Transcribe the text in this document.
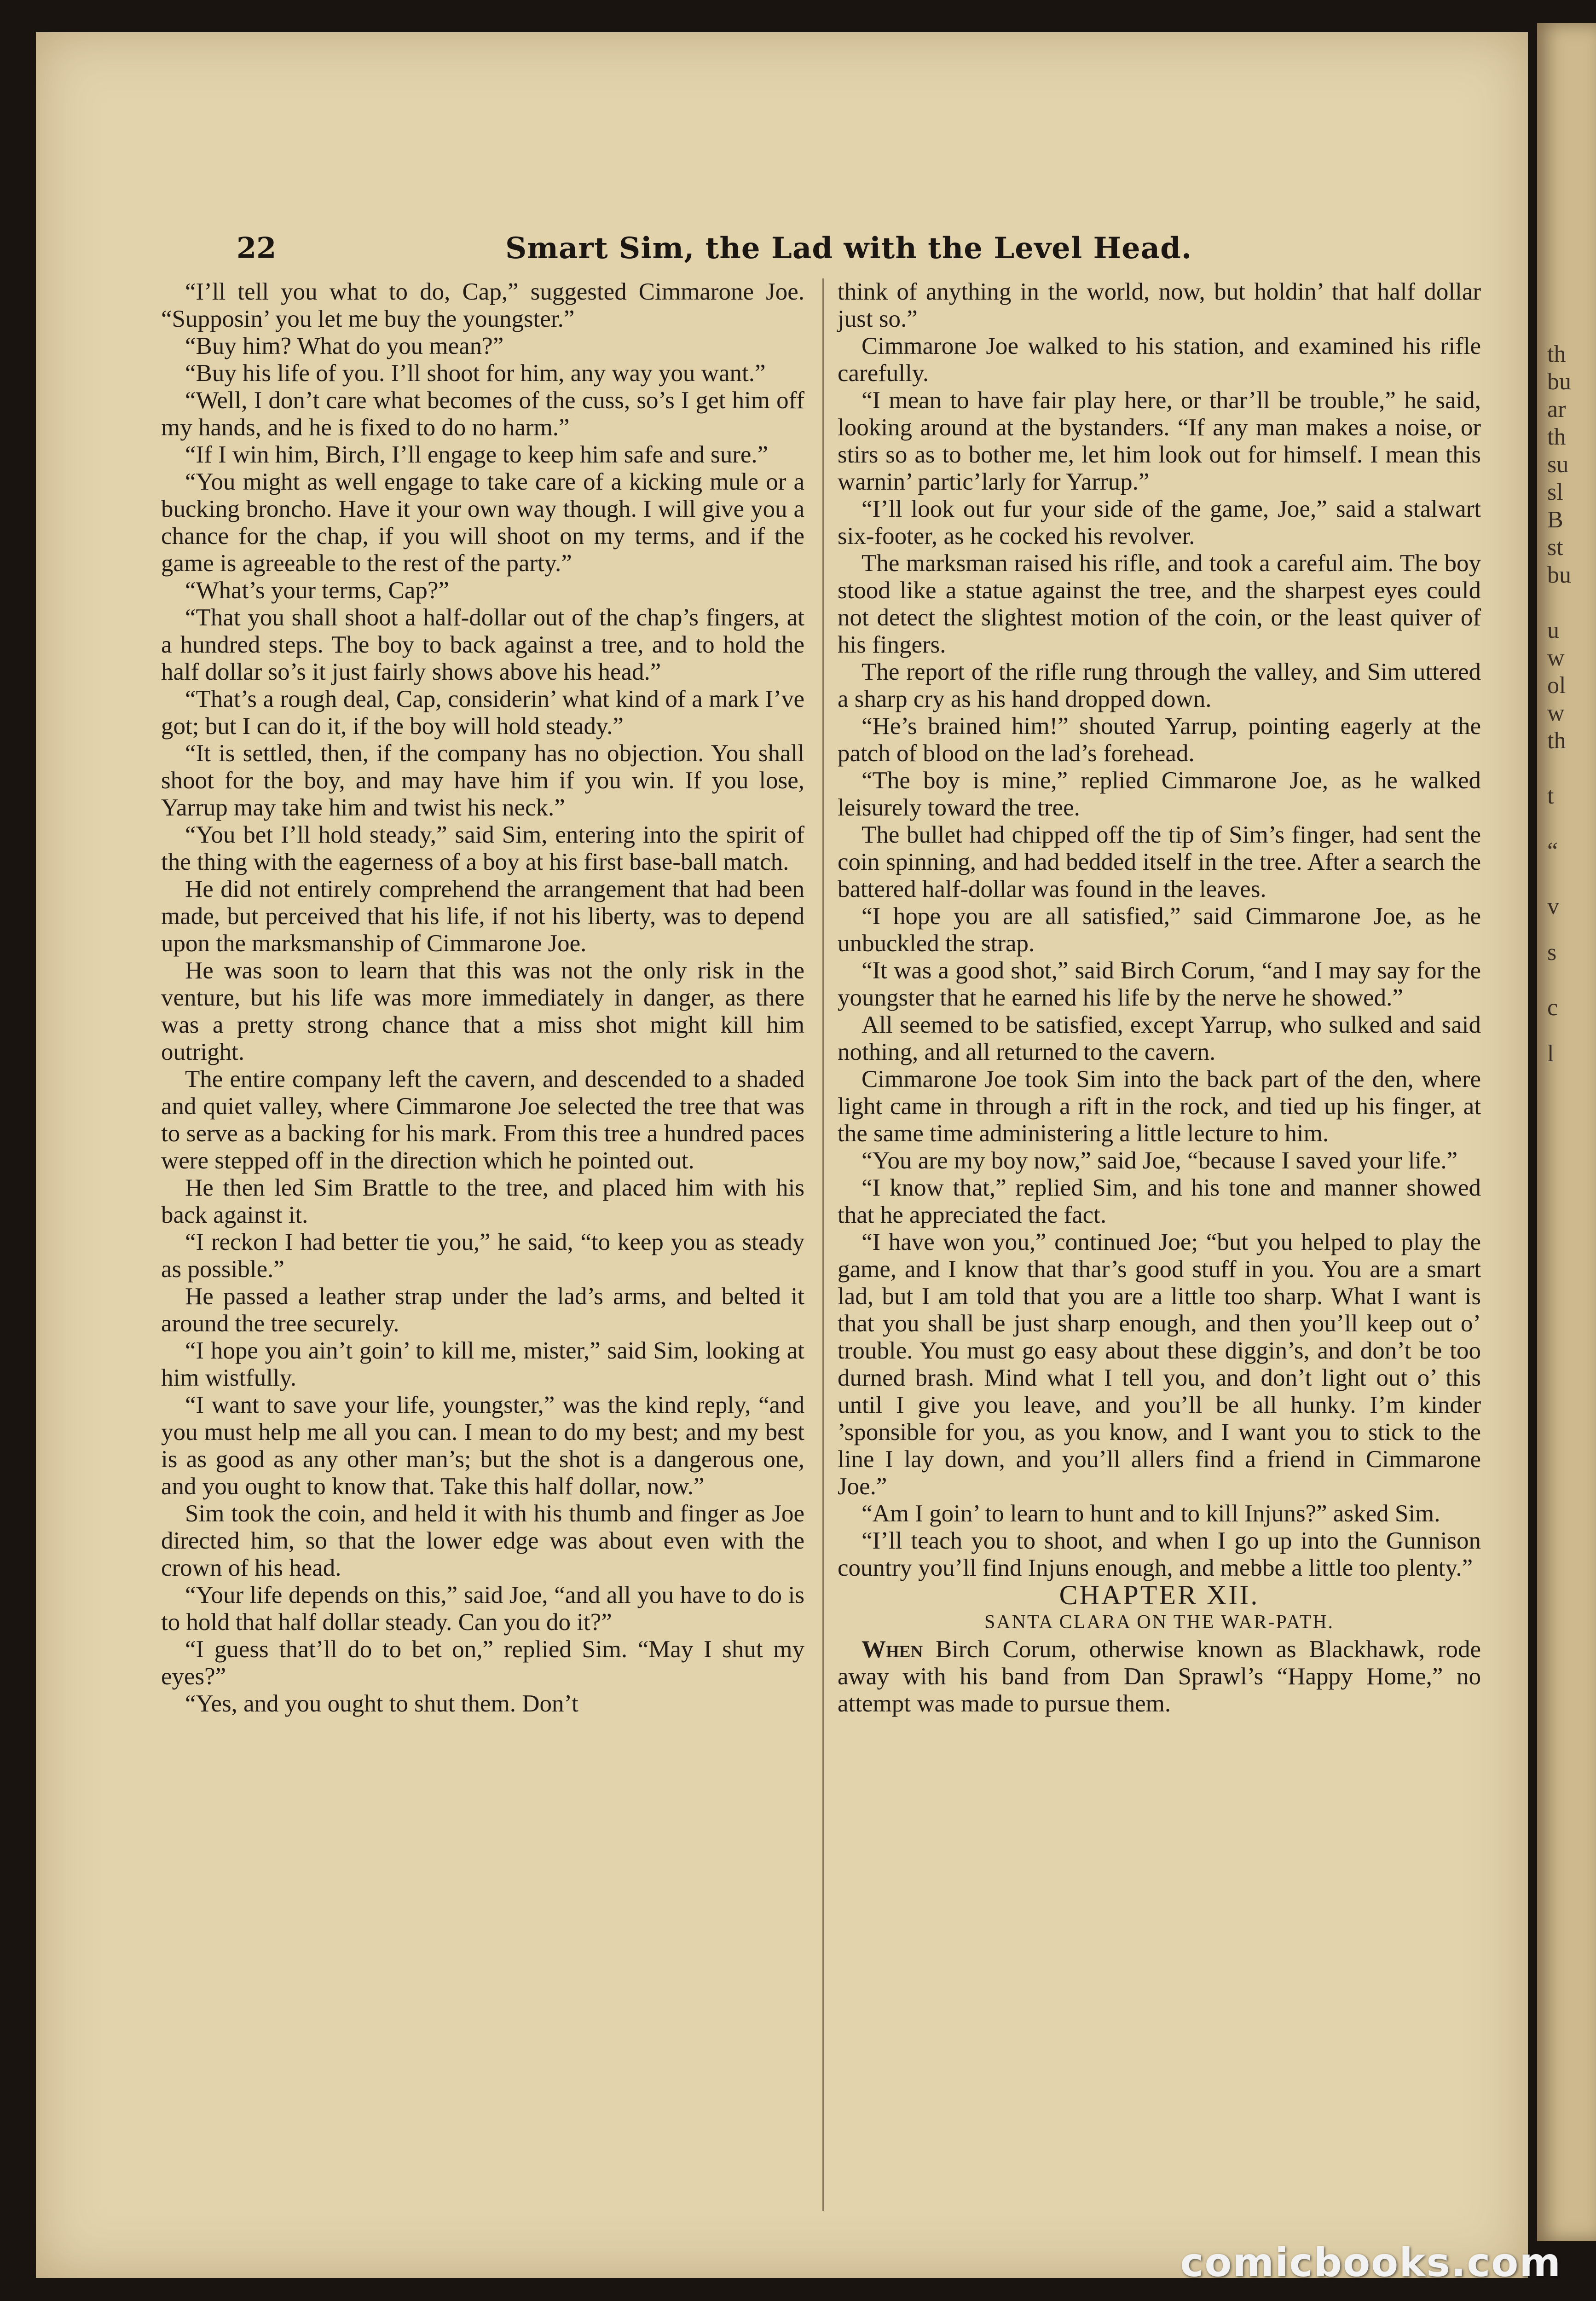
22	Smart Sim, the Lad with the Level Head.
th
bu
ar
th
su
sl
B
st
bu
u
w
ol
w
th
t
“
v
s
c
l

“I’ll tell you what to do, Cap,” suggested Cimmarone Joe. “Supposin’ you let me buy the youngster.”

“Buy him? What do you mean?”

“Buy his life of you. I’ll shoot for him, any way you want.”

“Well, I don’t care what becomes of the cuss, so’s I get him off my hands, and he is fixed to do no harm.”

“If I win him, Birch, I’ll engage to keep him safe and sure.”

“You might as well engage to take care of a kicking mule or a bucking broncho. Have it your own way though. I will give you a chance for the chap, if you will shoot on my terms, and if the game is agreeable to the rest of the party.”

“What’s your terms, Cap?”

“That you shall shoot a half-dollar out of the chap’s fingers, at a hundred steps. The boy to back against a tree, and to hold the half dollar so’s it just fairly shows above his head.”

“That’s a rough deal, Cap, considerin’ what kind of a mark I’ve got; but I can do it, if the boy will hold steady.”

“It is settled, then, if the company has no objection. You shall shoot for the boy, and may have him if you win. If you lose, Yarrup may take him and twist his neck.”

“You bet I’ll hold steady,” said Sim, entering into the spirit of the thing with the eagerness of a boy at his first base-ball match.

He did not entirely comprehend the arrangement that had been made, but perceived that his life, if not his liberty, was to depend upon the marksmanship of Cimmarone Joe.

He was soon to learn that this was not the only risk in the venture, but his life was more immediately in danger, as there was a pretty strong chance that a miss shot might kill him outright.

The entire company left the cavern, and descended to a shaded and quiet valley, where Cimmarone Joe selected the tree that was to serve as a backing for his mark. From this tree a hundred paces were stepped off in the direction which he pointed out.

He then led Sim Brattle to the tree, and placed him with his back against it.

“I reckon I had better tie you,” he said, “to keep you as steady as possible.”

He passed a leather strap under the lad’s arms, and belted it around the tree securely.

“I hope you ain’t goin’ to kill me, mister,” said Sim, looking at him wistfully.

“I want to save your life, youngster,” was the kind reply, “and you must help me all you can. I mean to do my best; and my best is as good as any other man’s; but the shot is a dangerous one, and you ought to know that. Take this half dollar, now.”

Sim took the coin, and held it with his thumb and finger as Joe directed him, so that the lower edge was about even with the crown of his head.

“Your life depends on this,” said Joe, “and all you have to do is to hold that half dollar steady. Can you do it?”

“I guess that’ll do to bet on,” replied Sim. “May I shut my eyes?”

“Yes, and you ought to shut them. Don’t

think of anything in the world, now, but holdin’ that half dollar just so.”

Cimmarone Joe walked to his station, and examined his rifle carefully.

“I mean to have fair play here, or thar’ll be trouble,” he said, looking around at the bystanders. “If any man makes a noise, or stirs so as to bother me, let him look out for himself. I mean this warnin’ partic’larly for Yarrup.”

“I’ll look out fur your side of the game, Joe,” said a stalwart six-footer, as he cocked his revolver.

The marksman raised his rifle, and took a careful aim. The boy stood like a statue against the tree, and the sharpest eyes could not detect the slightest motion of the coin, or the least quiver of his fingers.

The report of the rifle rung through the valley, and Sim uttered a sharp cry as his hand dropped down.

“He’s brained him!” shouted Yarrup, pointing eagerly at the patch of blood on the lad’s forehead.

“The boy is mine,” replied Cimmarone Joe, as he walked leisurely toward the tree.

The bullet had chipped off the tip of Sim’s finger, had sent the coin spinning, and had bedded itself in the tree. After a search the battered half-dollar was found in the leaves.

“I hope you are all satisfied,” said Cimmarone Joe, as he unbuckled the strap.

“It was a good shot,” said Birch Corum, “and I may say for the youngster that he earned his life by the nerve he showed.”

All seemed to be satisfied, except Yarrup, who sulked and said nothing, and all returned to the cavern.

Cimmarone Joe took Sim into the back part of the den, where light came in through a rift in the rock, and tied up his finger, at the same time administering a little lecture to him.

“You are my boy now,” said Joe, “because I saved your life.”

“I know that,” replied Sim, and his tone and manner showed that he appreciated the fact.

“I have won you,” continued Joe; “but you helped to play the game, and I know that thar’s good stuff in you. You are a smart lad, but I am told that you are a little too sharp. What I want is that you shall be just sharp enough, and then you’ll keep out o’ trouble. You must go easy about these diggin’s, and don’t be too durned brash. Mind what I tell you, and don’t light out o’ this until I give you leave, and you’ll be all hunky. I’m kinder ’sponsible for you, as you know, and I want you to stick to the line I lay down, and you’ll allers find a friend in Cimmarone Joe.”

“Am I goin’ to learn to hunt and to kill Injuns?” asked Sim.

“I’ll teach you to shoot, and when I go up into the Gunnison country you’ll find Injuns enough, and mebbe a little too plenty.”

CHAPTER XII.

SANTA CLARA ON THE WAR-PATH.

When Birch Corum, otherwise known as Blackhawk, rode away with his band from Dan Sprawl’s “Happy Home,” no attempt was made to pursue them.

comicbooks.com
